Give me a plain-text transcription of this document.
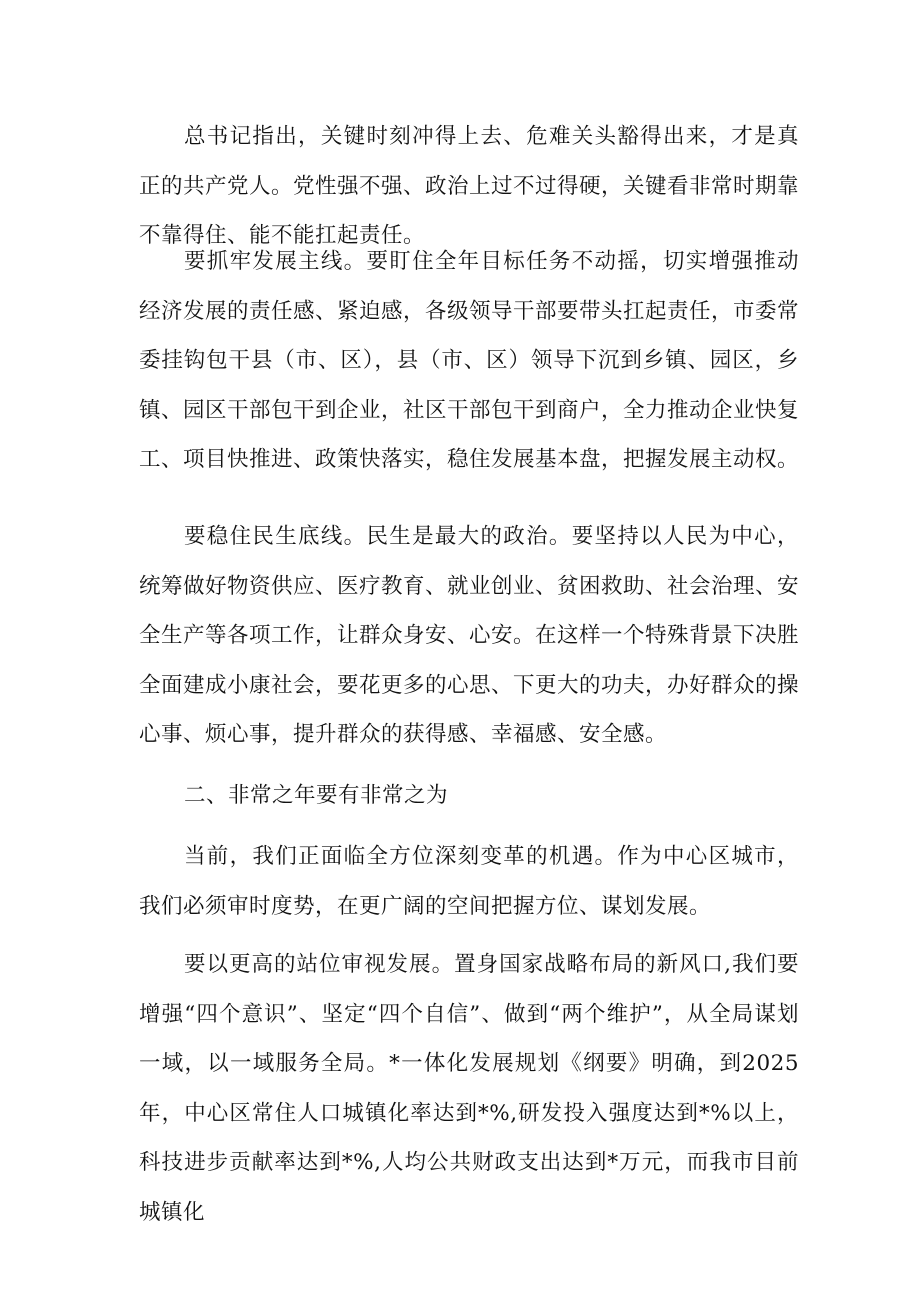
总书记指出，关键时刻冲得上去、危难关头豁得出来，才是真正的共产党人。党性强不强、政治上过不过得硬，关键看非常时期靠不靠得住、能不能扛起责任。

要抓牢发展主线。要盯住全年目标任务不动摇，切实增强推动经济发展的责任感、紧迫感，各级领导干部要带头扛起责任，市委常委挂钩包干县（市、区），县（市、区）领导下沉到乡镇、园区，乡镇、园区干部包干到企业，社区干部包干到商户，全力推动企业快复工、项目快推进、政策快落实，稳住发展基本盘，把握发展主动权。

要稳住民生底线。民生是最大的政治。要坚持以人民为中心，统筹做好物资供应、医疗教育、就业创业、贫困救助、社会治理、安全生产等各项工作，让群众身安、心安。在这样一个特殊背景下决胜全面建成小康社会，要花更多的心思、下更大的功夫，办好群众的操心事、烦心事，提升群众的获得感、幸福感、安全感。

二、非常之年要有非常之为

当前，我们正面临全方位深刻变革的机遇。作为中心区城市，我们必须审时度势，在更广阔的空间把握方位、谋划发展。

要以更高的站位审视发展。置身国家战略布局的新风口,我们要增强“四个意识”、坚定“四个自信”、做到“两个维护”，从全局谋划一域，以一域服务全局。*一体化发展规划《纲要》明确，到2025年，中心区常住人口城镇化率达到*%,研发投入强度达到*%以上，科技进步贡献率达到*%,人均公共财政支出达到*万元，而我市目前城镇化
